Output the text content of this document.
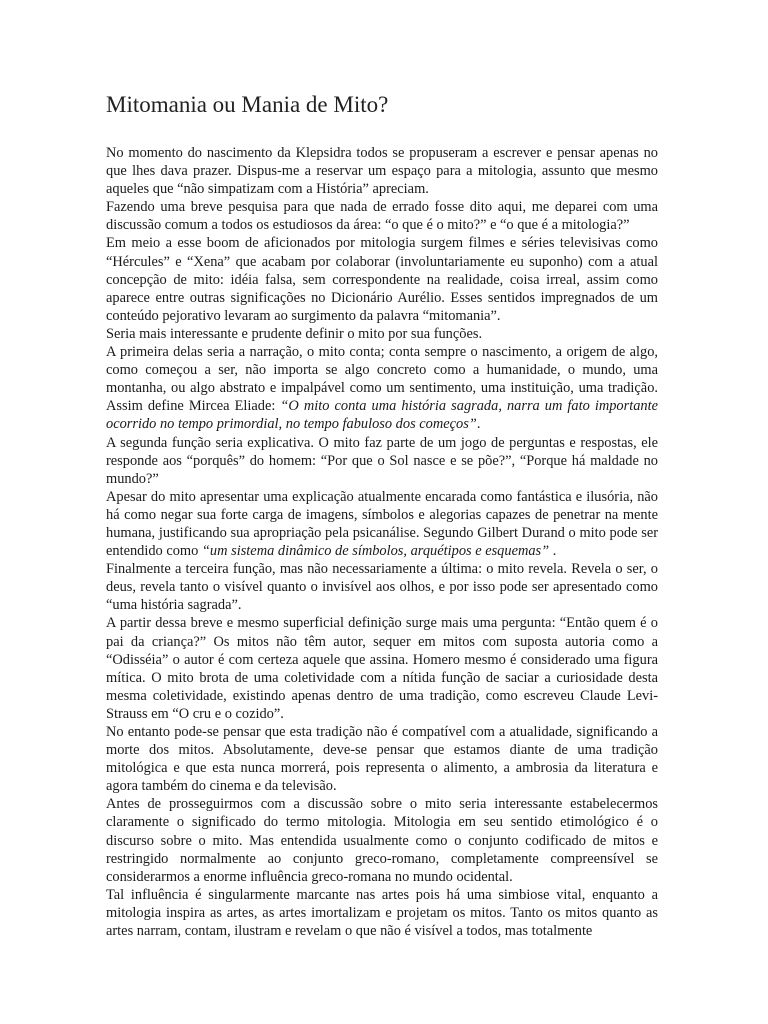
Mitomania ou Mania de Mito?

No momento do nascimento da Klepsidra todos se propuseram a escrever e pensar apenas no que lhes dava prazer. Dispus-me a reservar um espaço para a mitologia, assunto que mesmo aqueles que “não simpatizam com a História” apreciam.

Fazendo uma breve pesquisa para que nada de errado fosse dito aqui, me deparei com uma discussão comum a todos os estudiosos da área: “o que é o mito?” e “o que é a mitologia?”

Em meio a esse boom de aficionados por mitologia surgem filmes e séries televisivas como “Hércules” e “Xena” que acabam por colaborar (involuntariamente eu suponho) com a atual concepção de mito: idéia falsa, sem correspondente na realidade, coisa irreal, assim como aparece entre outras significações no Dicionário Aurélio. Esses sentidos impregnados de um conteúdo pejorativo levaram ao surgimento da palavra “mitomania”.

Seria mais interessante e prudente definir o mito por sua funções.

A primeira delas seria a narração, o mito conta; conta sempre o nascimento, a origem de algo, como começou a ser, não importa se algo concreto como a humanidade, o mundo, uma montanha, ou algo abstrato e impalpável como um sentimento, uma instituição, uma tradição. Assim define Mircea Eliade: “O mito conta uma história sagrada, narra um fato importante ocorrido no tempo primordial, no tempo fabuloso dos começos”.

A segunda função seria explicativa. O mito faz parte de um jogo de perguntas e respostas, ele responde aos “porquês” do homem: “Por que o Sol nasce e se põe?”, “Porque há maldade no mundo?”

Apesar do mito apresentar uma explicação atualmente encarada como fantástica e ilusória, não há como negar sua forte carga de imagens, símbolos e alegorias capazes de penetrar na mente humana, justificando sua apropriação pela psicanálise. Segundo Gilbert Durand o mito pode ser entendido como “um sistema dinâmico de símbolos, arquétipos e esquemas” .

Finalmente a terceira função, mas não necessariamente a última: o mito revela. Revela o ser, o deus, revela tanto o visível quanto o invisível aos olhos, e por isso pode ser apresentado como “uma história sagrada”.

A partir dessa breve e mesmo superficial definição surge mais uma pergunta: “Então quem é o pai da criança?” Os mitos não têm autor, sequer em mitos com suposta autoria como a “Odisséia” o autor é com certeza aquele que assina. Homero mesmo é considerado uma figura mítica. O mito brota de uma coletividade com a nítida função de saciar a curiosidade desta mesma coletividade, existindo apenas dentro de uma tradição, como escreveu Claude Levi-Strauss em “O cru e o cozido”.

No entanto pode-se pensar que esta tradição não é compatível com a atualidade, significando a morte dos mitos. Absolutamente, deve-se pensar que estamos diante de uma tradição mitológica e que esta nunca morrerá, pois representa o alimento, a ambrosia da literatura e agora também do cinema e da televisão.

Antes de prosseguirmos com a discussão sobre o mito seria interessante estabelecermos claramente o significado do termo mitologia. Mitologia em seu sentido etimológico é o discurso sobre o mito. Mas entendida usualmente como o conjunto codificado de mitos e restringido normalmente ao conjunto greco-romano, completamente compreensível se considerarmos a enorme influência greco-romana no mundo ocidental.

Tal influência é singularmente marcante nas artes pois há uma simbiose vital, enquanto a mitologia inspira as artes, as artes imortalizam e projetam os mitos. Tanto os mitos quanto as artes narram, contam, ilustram e revelam o que não é visível a todos, mas totalmente
